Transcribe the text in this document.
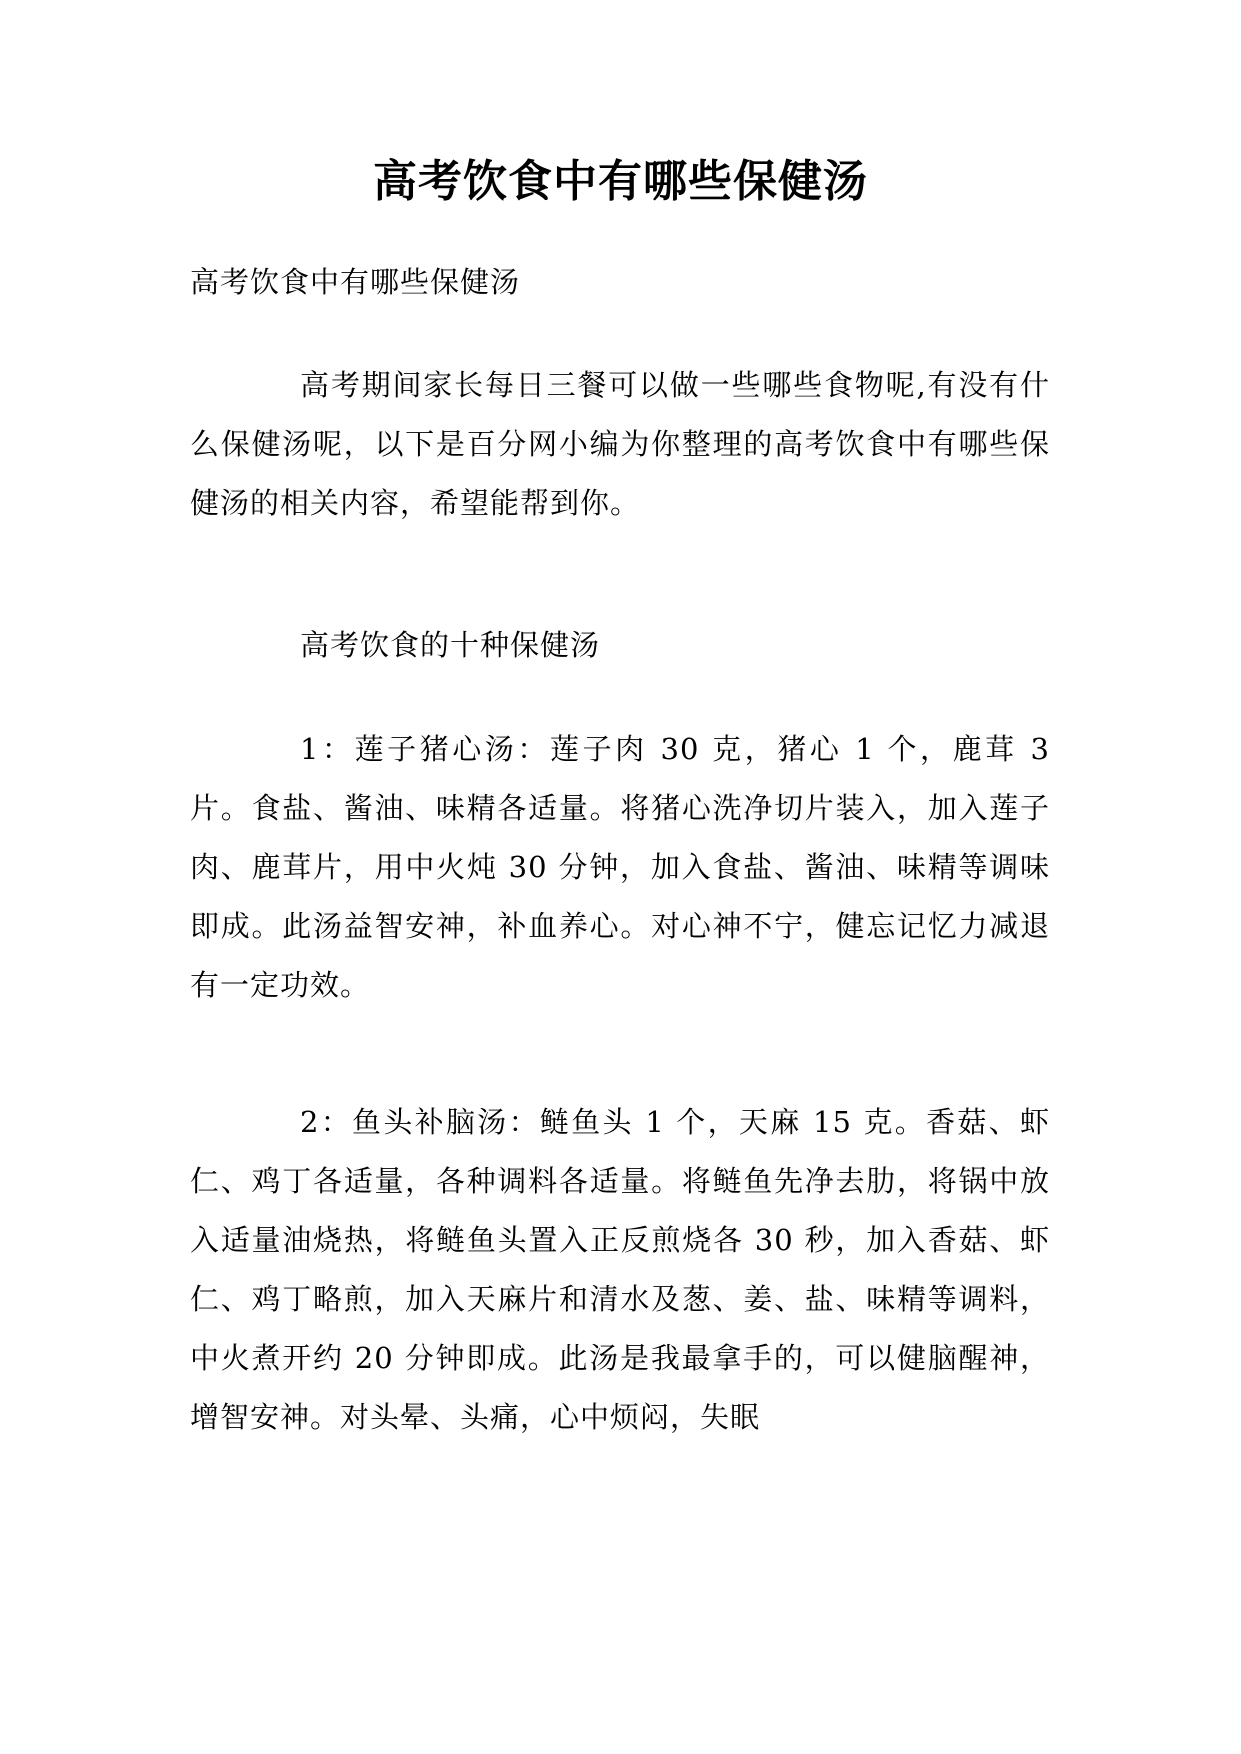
高考饮食中有哪些保健汤

高考饮食中有哪些保健汤

高考期间家长每日三餐可以做一些哪些食物呢,有没有什么保健汤呢，以下是百分网小编为你整理的高考饮食中有哪些保健汤的相关内容，希望能帮到你。

高考饮食的十种保健汤

1：莲子猪心汤：莲子肉 30 克，猪心 1 个，鹿茸 3 片。食盐、酱油、味精各适量。将猪心洗净切片装入，加入莲子肉、鹿茸片，用中火炖 30 分钟，加入食盐、酱油、味精等调味即成。此汤益智安神，补血养心。对心神不宁，健忘记忆力减退有一定功效。

2：鱼头补脑汤：鲢鱼头 1 个，天麻 15 克。香菇、虾仁、鸡丁各适量，各种调料各适量。将鲢鱼先净去肋，将锅中放入适量油烧热，将鲢鱼头置入正反煎烧各 30 秒，加入香菇、虾仁、鸡丁略煎，加入天麻片和清水及葱、姜、盐、味精等调料，中火煮开约 20 分钟即成。此汤是我最拿手的，可以健脑醒神，增智安神。对头晕、头痛，心中烦闷，失眠
